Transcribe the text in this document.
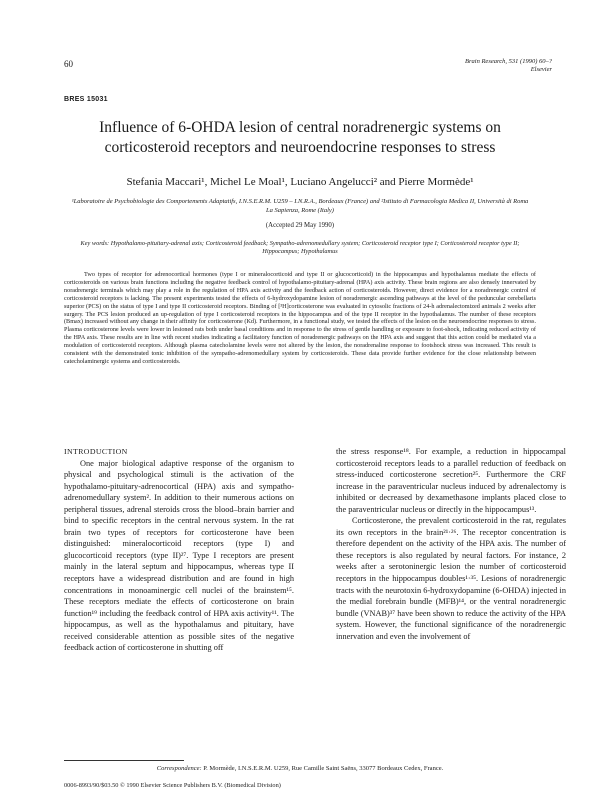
60	Brain Research, 531 (1990) 60–?
Elsevier
BRES 15031
Influence of 6-OHDA lesion of central noradrenergic systems on corticosteroid receptors and neuroendocrine responses to stress
Stefania Maccari¹, Michel Le Moal¹, Luciano Angelucci² and Pierre Mormède¹
¹Laboratoire de Psychobiologie des Comportements Adaptatifs, I.N.S.E.R.M. U259 – I.N.R.A., Bordeaux (France) and ²Istituto di Farmacologia Medica II, Università di Roma La Sapienza, Rome (Italy)
(Accepted 29 May 1990)
Key words: Hypothalamo-pituitary-adrenal axis; Corticosteroid feedback; Sympatho-adrenomedullary system; Corticosteroid receptor type I; Corticosteroid receptor type II; Hippocampus; Hypothalamus
Two types of receptor for adrenocortical hormones (type I or mineralocorticoid and type II or glucocorticoid) in the hippocampus and hypothalamus mediate the effects of corticosteroids on various brain functions including the negative feedback control of hypothalamo-pituitary-adrenal (HPA) axis activity. These brain regions are also densely innervated by noradrenergic terminals which may play a role in the regulation of HPA axis activity and the feedback action of corticosteroids. However, direct evidence for a noradrenergic control of corticosteroid receptors is lacking. The present experiments tested the effects of 6-hydroxydopamine lesion of noradrenergic ascending pathways at the level of the peduncular cerebellaris superior (PCS) on the status of type I and type II corticosteroid receptors. Binding of [³H]corticosterone was evaluated in cytosolic fractions of 24-h adrenalectomized animals 2 weeks after surgery. The PCS lesion produced an up-regulation of type I corticosteroid receptors in the hippocampus and of the type II receptor in the hypothalamus. The number of these receptors (Bmax) increased without any change in their affinity for corticosterone (Kd). Furthermore, in a functional study, we tested the effects of the lesion on the neuroendocrine responses to stress. Plasma corticosterone levels were lower in lesioned rats both under basal conditions and in response to the stress of gentle handling or exposure to foot-shock, indicating reduced activity of the HPA axis. These results are in line with recent studies indicating a facilitatory function of noradrenergic pathways on the HPA axis and suggest that this action could be mediated via a modulation of corticosteroid receptors. Although plasma catecholamine levels were not altered by the lesion, the noradrenaline response to footshock stress was increased. This result is consistent with the demonstrated tonic inhibition of the sympatho-adrenomedullary system by corticosteroids. These data provide further evidence for the close relationship between catecholaminergic systems and corticosteroids.

INTRODUCTION

One major biological adaptive response of the organism to physical and psychological stimuli is the activation of the hypothalamo-pituitary-adrenocortical (HPA) axis and sympatho-adrenomedullary system². In addition to their numerous actions on peripheral tissues, adrenal steroids cross the blood–brain barrier and bind to specific receptors in the central nervous system. In the rat brain two types of receptors for corticosterone have been distinguished: mineralocorticoid receptors (type I) and glucocorticoid receptors (type II)²⁷. Type I receptors are present mainly in the lateral septum and hippocampus, whereas type II receptors have a widespread distribution and are found in high concentrations in monoaminergic cell nuclei of the brainstem¹⁵. These receptors mediate the effects of corticosterone on brain function¹⁹ including the feedback control of HPA axis activity¹¹. The hippocampus, as well as the hypothalamus and pituitary, have received considerable attention as possible sites of the negative feedback action of corticosterone in shutting off

the stress response¹⁸. For example, a reduction in hippocampal corticosteroid receptors leads to a parallel reduction of feedback on stress-induced corticosterone secretion²⁵. Furthermore the CRF increase in the paraventricular nucleus induced by adrenalectomy is inhibited or decreased by dexamethasone implants placed close to the paraventricular nucleus or directly in the hippocampus¹³.

Corticosterone, the prevalent corticosteroid in the rat, regulates its own receptors in the brain²¹·²⁶. The receptor concentration is therefore dependent on the activity of the HPA axis. The number of these receptors is also regulated by neural factors. For instance, 2 weeks after a serotoninergic lesion the number of corticosteroid receptors in the hippocampus doubles¹·³⁵. Lesions of noradrenergic tracts with the neurotoxin 6-hydroxydopamine (6-OHDA) injected in the medial forebrain bundle (MFB)¹⁴, or the ventral noradrenergic bundle (VNAB)³⁷ have been shown to reduce the activity of the HPA system. However, the functional significance of the noradrenergic innervation and even the involvement of

Correspondence: P. Mormède, I.N.S.E.R.M. U259, Rue Camille Saint Saëns, 33077 Bordeaux Cedex, France.
0006-8993/90/$03.50 © 1990 Elsevier Science Publishers B.V. (Biomedical Division)
